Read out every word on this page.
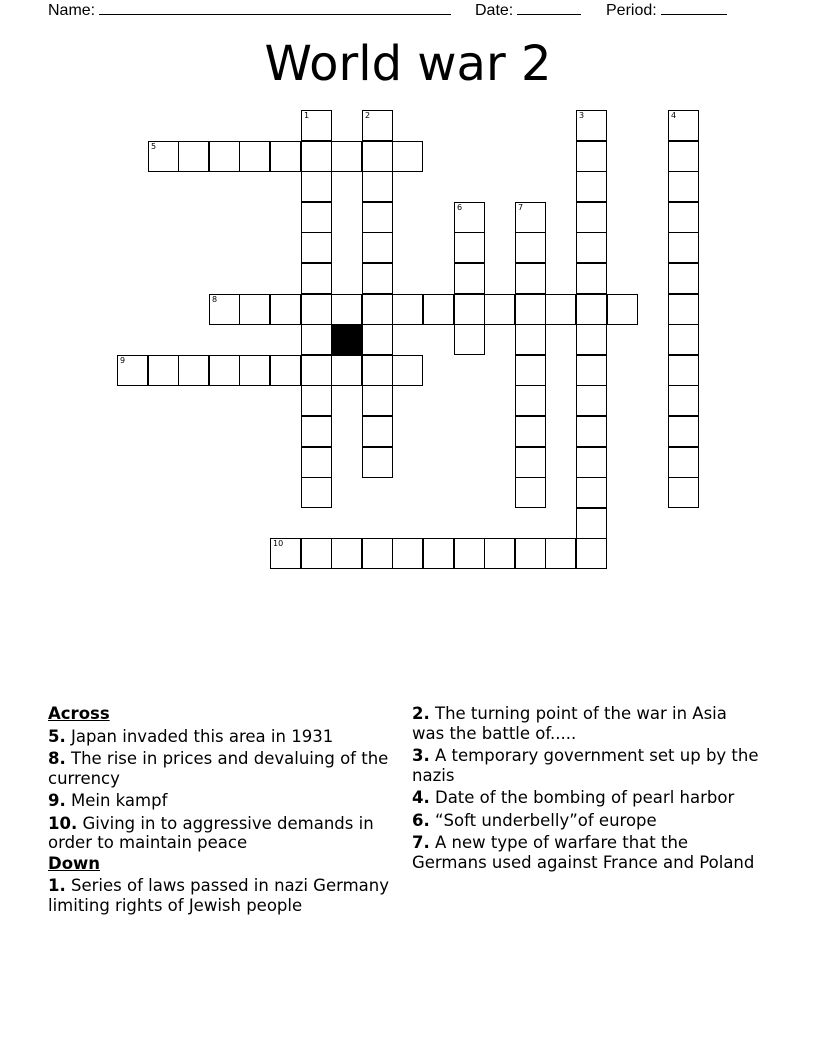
Name:	Date:	Period:
World war 2
1	2	3	4
5
6	7
8
9
10
Across
5. Japan invaded this area in 1931
8. The rise in prices and devaluing of the currency
9. Mein kampf
10. Giving in to aggressive demands in order to maintain peace
Down
1. Series of laws passed in nazi Germany limiting rights of Jewish people
2. The turning point of the war in Asia was the battle of.....
3. A temporary government set up by the nazis
4. Date of the bombing of pearl harbor
6. “Soft underbelly”of europe
7. A new type of warfare that the Germans used against France and Poland
